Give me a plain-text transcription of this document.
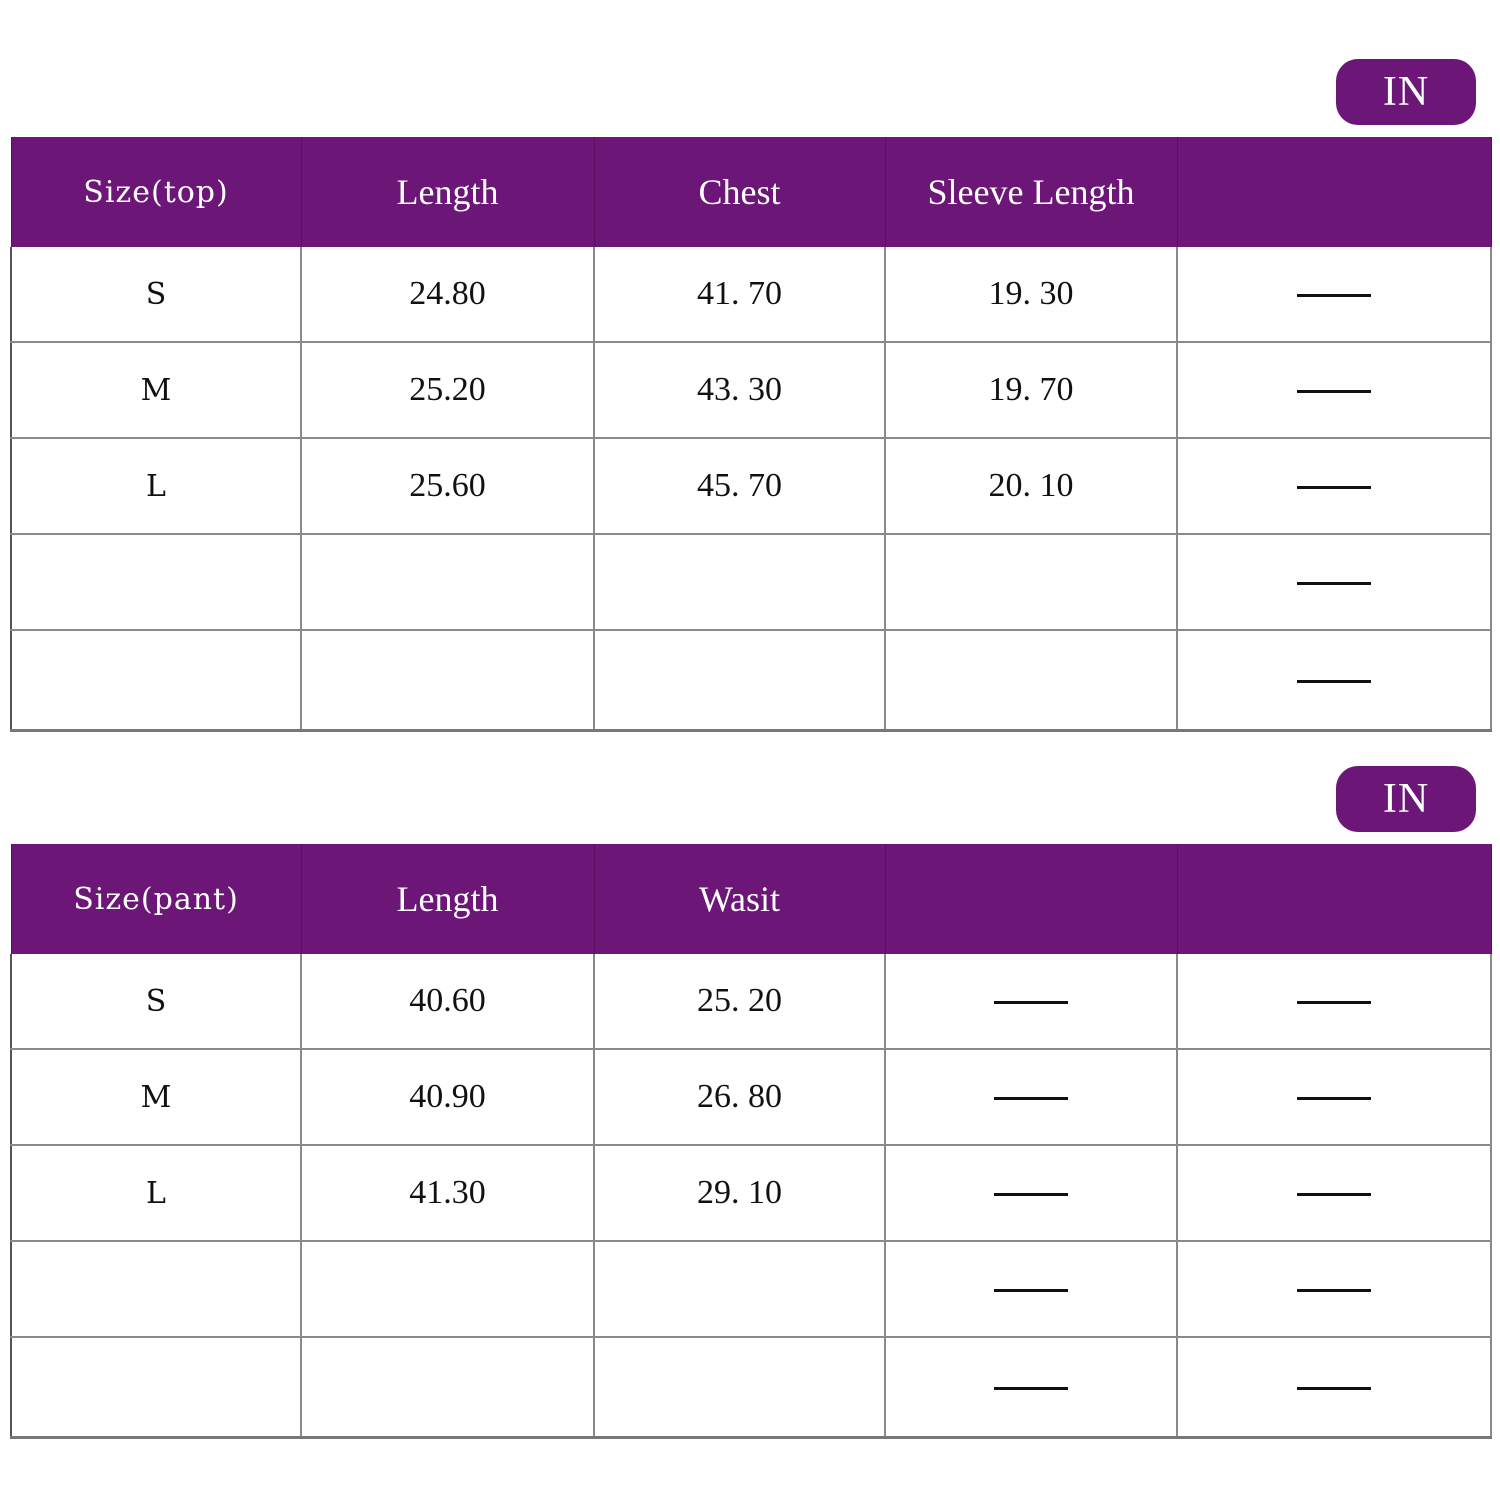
IN
Size(top)	Length	Chest	Sleeve Length	
S	24.80	41. 70	19. 30	
M	25.20	43. 30	19. 70	
L	25.60	45. 70	20. 10	

IN
Size(pant)	Length	Wasit		
S	40.60	25. 20		
M	40.90	26. 80		
L	41.30	29. 10		
